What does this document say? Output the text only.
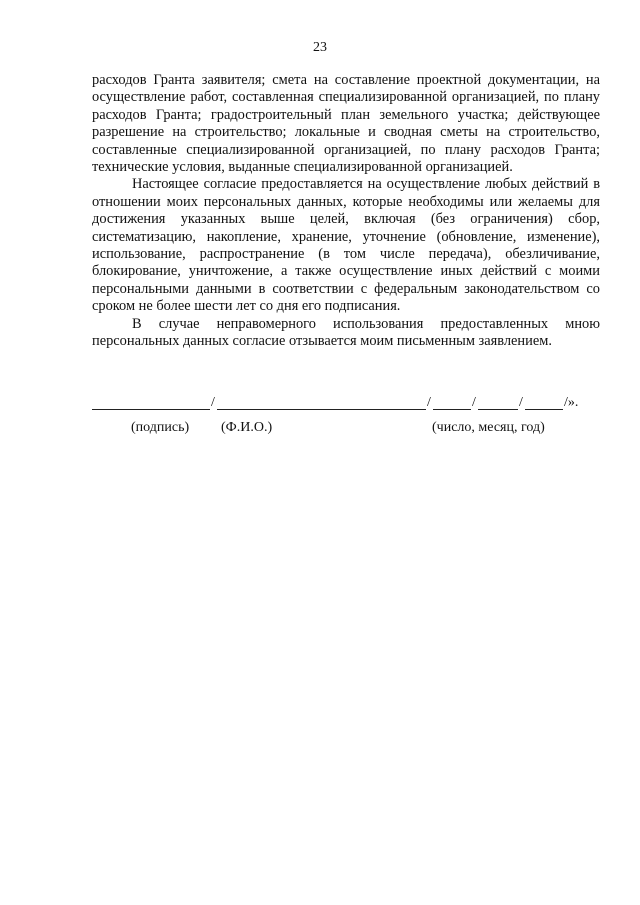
23

расходов Гранта заявителя; смета на составление проектной документации, на осуществление работ, составленная специализированной организацией, по плану расходов Гранта; градостроительный план земельного участка; действующее разрешение на строительство; локальные и сводная сметы на строительство, составленные специализированной организацией, по плану расходов Гранта; технические условия, выданные специализированной организацией.

Настоящее согласие предоставляется на осуществление любых действий в отношении моих персональных данных, которые необходимы или желаемы для достижения указанных выше целей, включая (без ограничения) сбор, систематизацию, накопление, хранение, уточнение (обновление, изменение), использование, распространение (в том числе передача), обезличивание, блокирование, уничтожение, а также осуществление иных действий с моими персональными данными в соответствии с федеральным законодательством со сроком не более шести лет со дня его подписания.

В случае неправомерного использования предоставленных мною персональных данных согласие отзывается моим письменным заявлением.

/	/	/	/	/».
(подпись) (Ф.И.О.)	(число, месяц, год)
